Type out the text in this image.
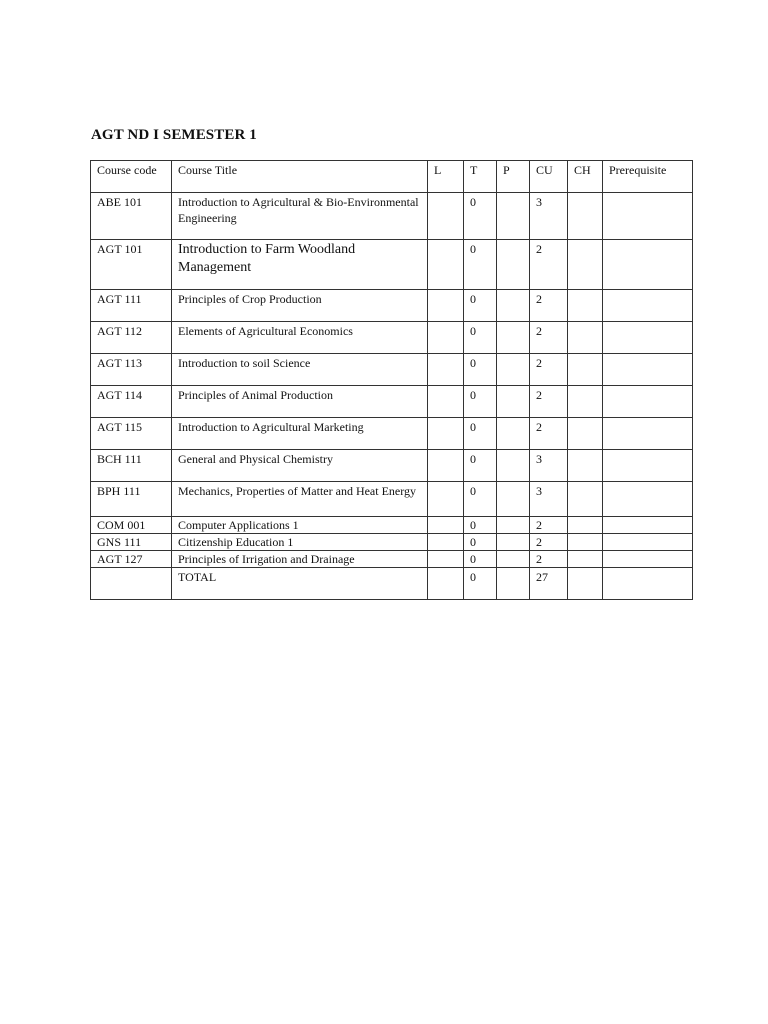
AGT ND I SEMESTER 1
Course code	Course Title	L	T	P	CU	CH	Prerequisite
ABE 101	Introduction to Agricultural & Bio-Environmental Engineering		0		3		
AGT 101	Introduction to Farm Woodland Management		0		2		
AGT 111	Principles of Crop Production		0		2		
AGT 112	Elements of Agricultural Economics		0		2		
AGT 113	Introduction to soil Science		0		2		
AGT 114	Principles of Animal Production		0		2		
AGT 115	Introduction to Agricultural Marketing		0		2		
BCH 111	General and Physical Chemistry		0		3		
BPH 111	Mechanics, Properties of Matter and Heat Energy		0		3		
COM 001	Computer Applications 1		0		2		
GNS 111	Citizenship Education 1		0		2		
AGT 127	Principles of Irrigation and Drainage		0		2		
	TOTAL		0		27		
